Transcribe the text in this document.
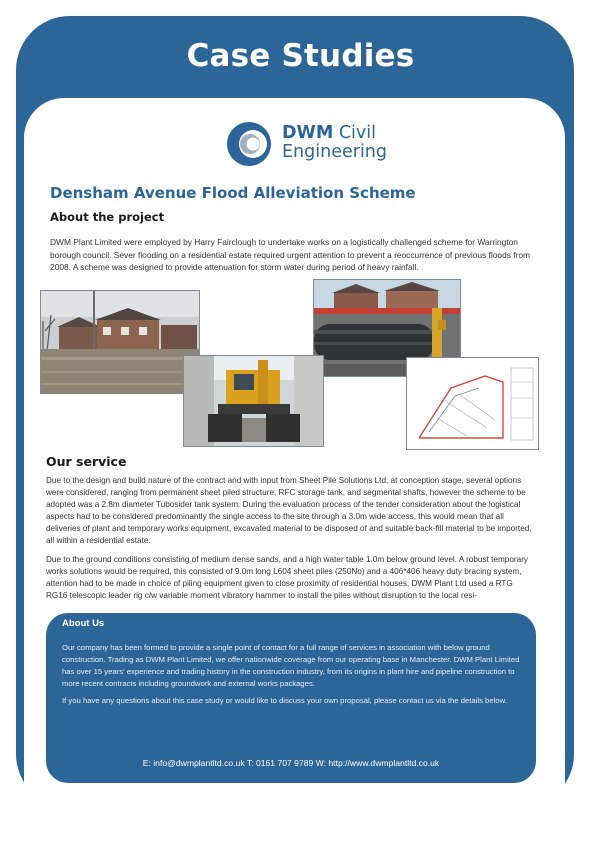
Case Studies
DWM Civil
Engineering
Densham Avenue Flood Alleviation Scheme
About the project

DWM Plant Limited were employed by Harry Fairclough to undertake works on a logistically challenged scheme for Warrington borough council. Sever flooding on a residential estate required urgent attention to prevent a reoccurrence of previous floods from 2008. A scheme was designed to provide attenuation for storm water during period of heavy rainfall.

Our service

Due to the design and build nature of the contract and with input from Sheet Pile Solutions Ltd, at conception stage, several options were considered, ranging from permanent sheet piled structure, RFC storage tank, and segmental shafts, however the scheme to be adopted was a 2.8m diameter Tubosider tank system. During the evaluation process of the tender consideration about the logistical aspects had to be considered predominantly the single access to the site through a 3.0m wide access, this would mean that all deliveries of plant and temporary works equipment, excavated material to be disposed of and suitable back-fill material to be imported, all within a residential estate.

Due to the ground conditions consisting of medium dense sands, and a high water table 1.0m below ground level. A robust temporary works solutions would be required, this consisted of 9.0m long L604 sheet piles (250No) and a 406*406 heavy duty bracing system, attention had to be made in choice of piling equipment given to close proximity of residential houses, DWM Plant Ltd used a RTG RG16 telescopic leader rig c/w variable moment vibratory hammer to install the piles without disruption to the local resi-

About Us

Our company has been formed to provide a single point of contact for a full range of services in association with below ground construction. Trading as DWM Plant Limited, we offer nationwide coverage from our operating base in Manchester. DWM Plant Limited has over 15 years' experience and trading history in the construction industry, from its origins in plant hire and pipeline construction to more recent contracts including groundwork and external works packages.

If you have any questions about this case study or would like to discuss your own proposal, please contact us via the details below.

E: info@dwmplantltd.co.uk T: 0161 707 9789 W: http://www.dwmplantltd.co.uk
